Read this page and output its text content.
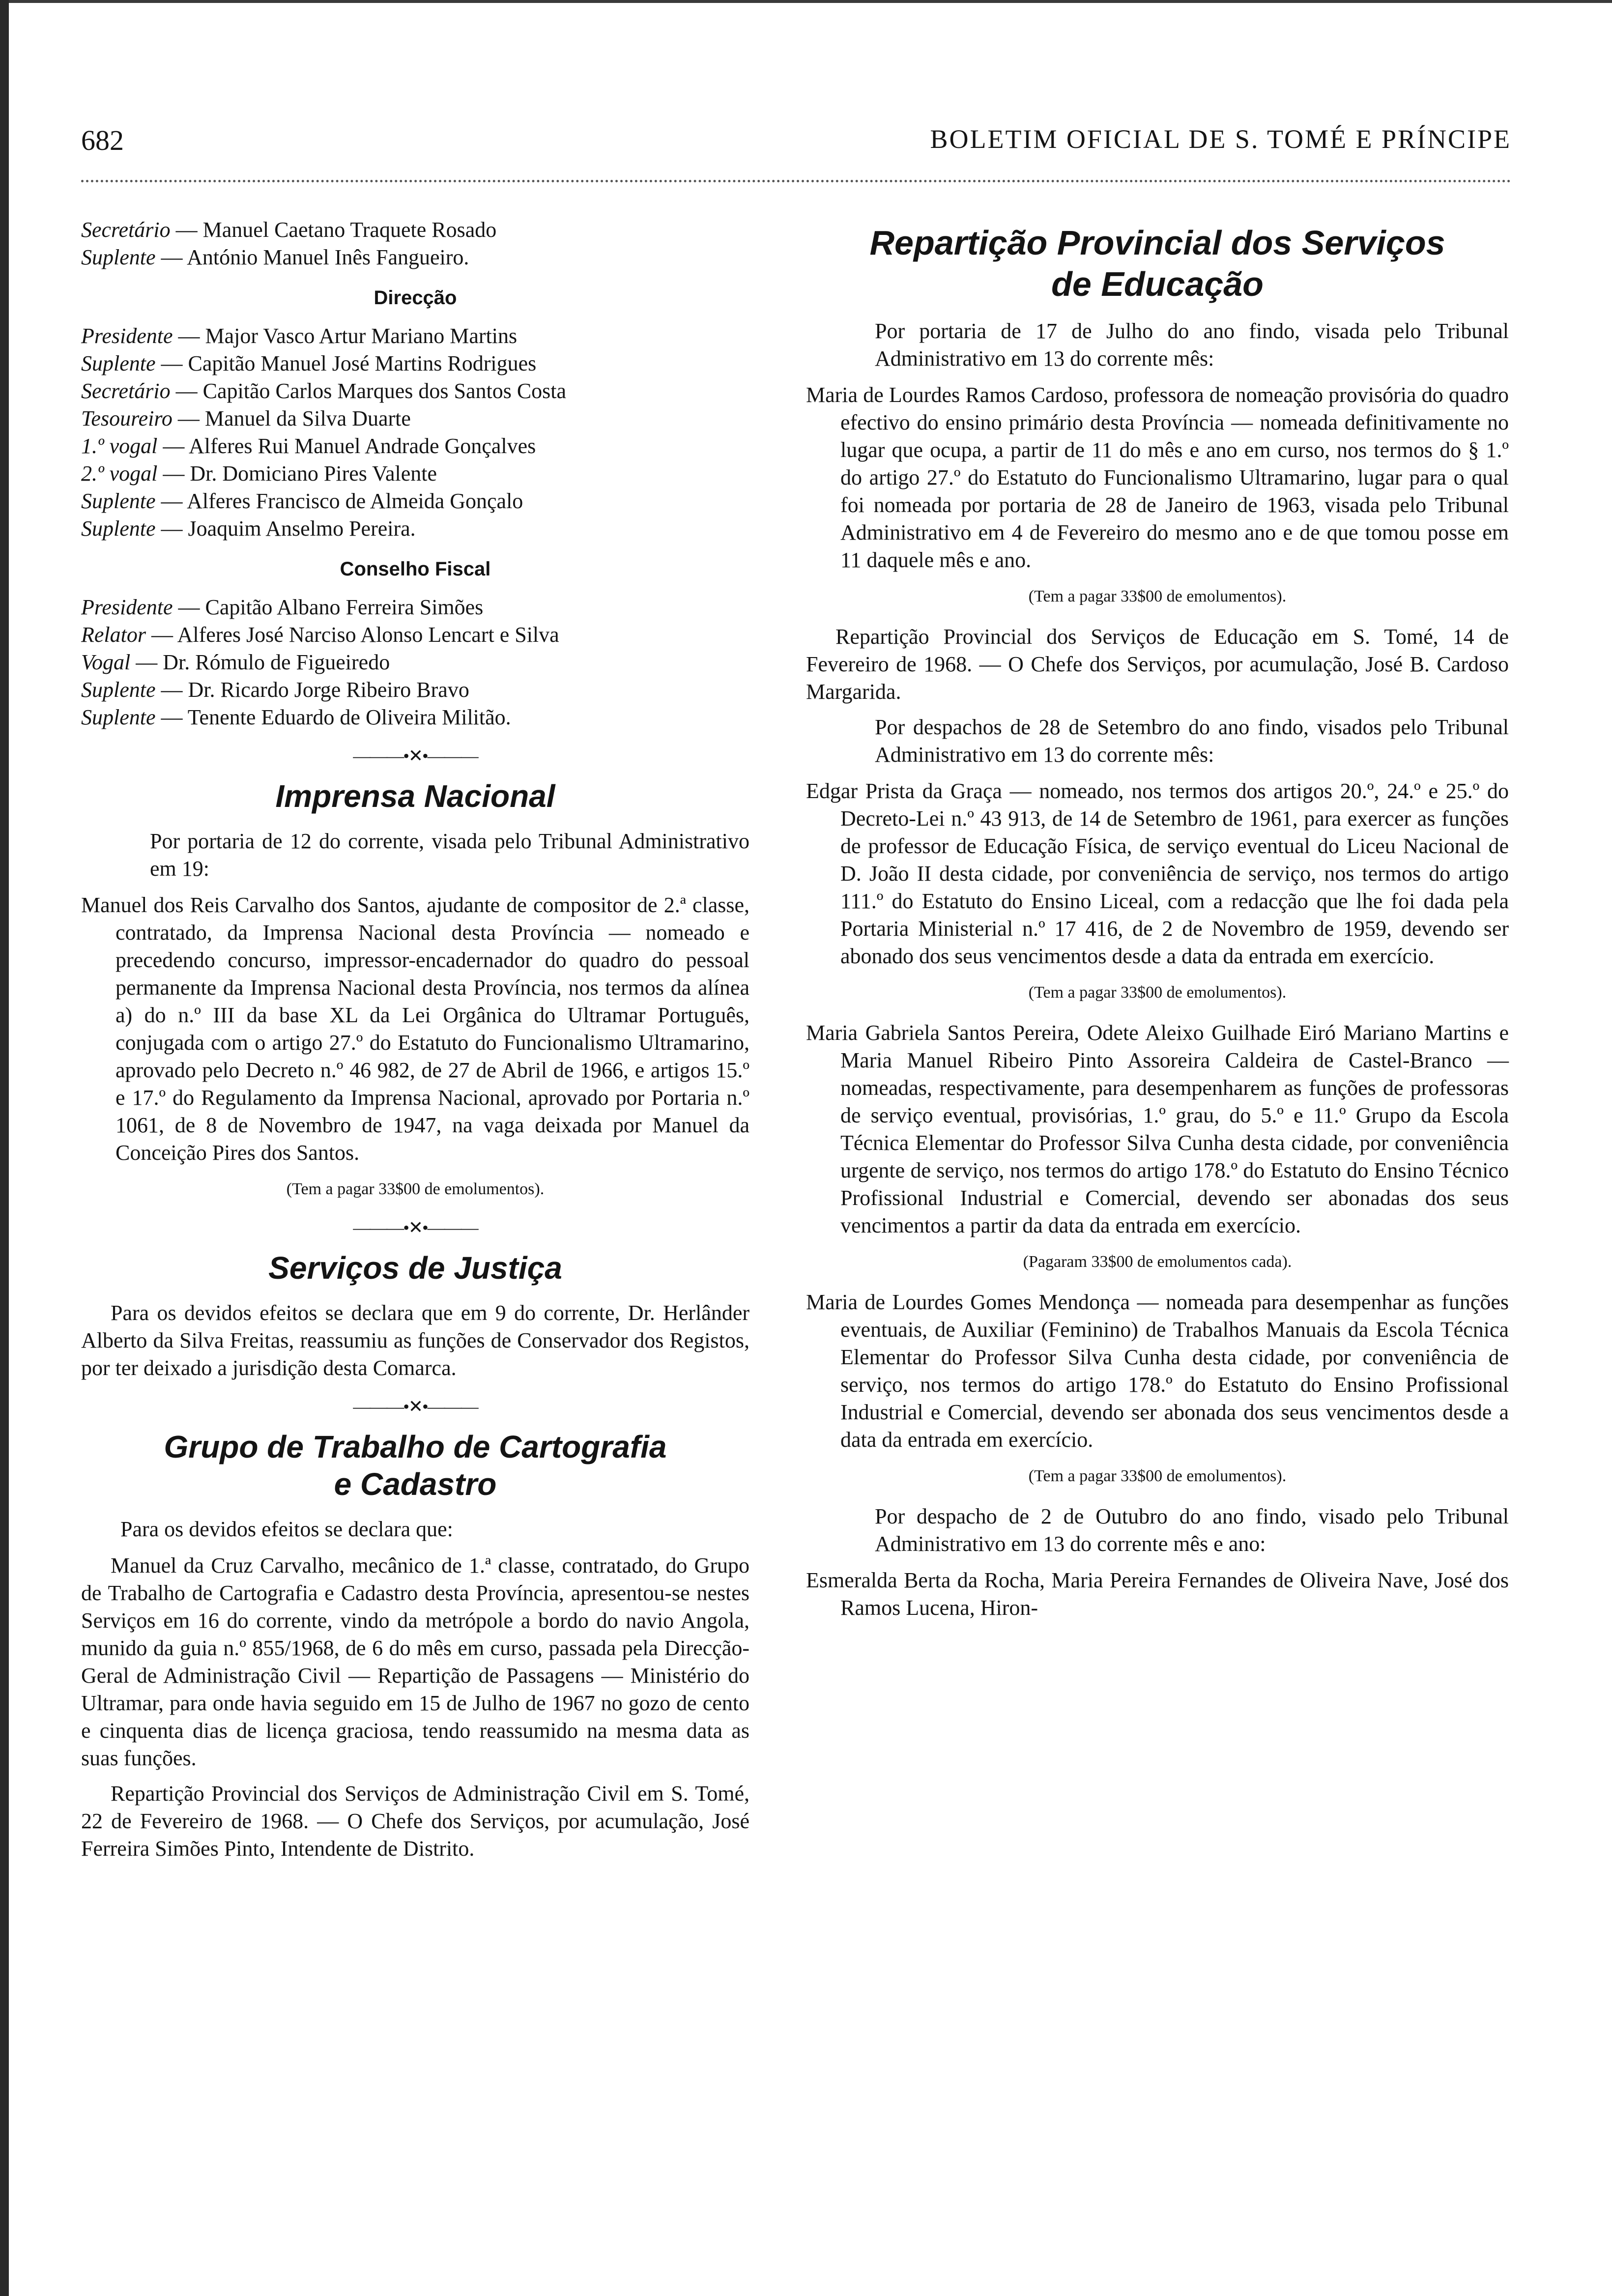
682	BOLETIM OFICIAL DE S. TOMÉ E PRÍNCIPE
Secretário — Manuel Caetano Traquete Rosado
Suplente — António Manuel Inês Fangueiro.
Direcção
Presidente — Major Vasco Artur Mariano Martins
Suplente — Capitão Manuel José Martins Rodrigues
Secretário — Capitão Carlos Marques dos Santos Costa
Tesoureiro — Manuel da Silva Duarte
1.º vogal — Alferes Rui Manuel Andrade Gonçalves
2.º vogal — Dr. Domiciano Pires Valente
Suplente — Alferes Francisco de Almeida Gonçalo
Suplente — Joaquim Anselmo Pereira.
Conselho Fiscal
Presidente — Capitão Albano Ferreira Simões
Relator — Alferes José Narciso Alonso Lencart e Silva
Vogal — Dr. Rómulo de Figueiredo
Suplente — Dr. Ricardo Jorge Ribeiro Bravo
Suplente — Tenente Eduardo de Oliveira Militão.
———•✕•———
Imprensa Nacional

Por portaria de 12 do corrente, visada pelo Tribunal Administrativo em 19:

Manuel dos Reis Carvalho dos Santos, ajudante de compositor de 2.ª classe, contratado, da Imprensa Nacional desta Província — nomeado e precedendo concurso, impressor-encadernador do quadro do pessoal permanente da Imprensa Nacional desta Província, nos termos da alínea a) do n.º III da base XL da Lei Orgânica do Ultramar Português, conjugada com o artigo 27.º do Estatuto do Funcionalismo Ultramarino, aprovado pelo Decreto n.º 46 982, de 27 de Abril de 1966, e artigos 15.º e 17.º do Regulamento da Imprensa Nacional, aprovado por Portaria n.º 1061, de 8 de Novembro de 1947, na vaga deixada por Manuel da Conceição Pires dos Santos.

(Tem a pagar 33$00 de emolumentos).
———•✕•———
Serviços de Justiça

Para os devidos efeitos se declara que em 9 do corrente, Dr. Herlânder Alberto da Silva Freitas, reassumiu as funções de Conservador dos Registos, por ter deixado a jurisdição desta Comarca.

———•✕•———
Grupo de Trabalho de Cartografia
e Cadastro

Para os devidos efeitos se declara que:

Manuel da Cruz Carvalho, mecânico de 1.ª classe, contratado, do Grupo de Trabalho de Cartografia e Cadastro desta Província, apresentou-se nestes Serviços em 16 do corrente, vindo da metrópole a bordo do navio Angola, munido da guia n.º 855/1968, de 6 do mês em curso, passada pela Direcção-Geral de Administração Civil — Repartição de Passagens — Ministério do Ultramar, para onde havia seguido em 15 de Julho de 1967 no gozo de cento e cinquenta dias de licença graciosa, tendo reassumido na mesma data as suas funções.

Repartição Provincial dos Serviços de Administração Civil em S. Tomé, 22 de Fevereiro de 1968. — O Chefe dos Serviços, por acumulação, José Ferreira Simões Pinto, Intendente de Distrito.

Repartição Provincial dos Serviços
de Educação

Por portaria de 17 de Julho do ano findo, visada pelo Tribunal Administrativo em 13 do corrente mês:

Maria de Lourdes Ramos Cardoso, professora de nomeação provisória do quadro efectivo do ensino primário desta Província — nomeada definitivamente no lugar que ocupa, a partir de 11 do mês e ano em curso, nos termos do § 1.º do artigo 27.º do Estatuto do Funcionalismo Ultramarino, lugar para o qual foi nomeada por portaria de 28 de Janeiro de 1963, visada pelo Tribunal Administrativo em 4 de Fevereiro do mesmo ano e de que tomou posse em 11 daquele mês e ano.

(Tem a pagar 33$00 de emolumentos).

Repartição Provincial dos Serviços de Educação em S. Tomé, 14 de Fevereiro de 1968. — O Chefe dos Serviços, por acumulação, José B. Cardoso Margarida.

Por despachos de 28 de Setembro do ano findo, visados pelo Tribunal Administrativo em 13 do corrente mês:

Edgar Prista da Graça — nomeado, nos termos dos artigos 20.º, 24.º e 25.º do Decreto-Lei n.º 43 913, de 14 de Setembro de 1961, para exercer as funções de professor de Educação Física, de serviço eventual do Liceu Nacional de D. João II desta cidade, por conveniência de serviço, nos termos do artigo 111.º do Estatuto do Ensino Liceal, com a redacção que lhe foi dada pela Portaria Ministerial n.º 17 416, de 2 de Novembro de 1959, devendo ser abonado dos seus vencimentos desde a data da entrada em exercício.

(Tem a pagar 33$00 de emolumentos).

Maria Gabriela Santos Pereira, Odete Aleixo Guilhade Eiró Mariano Martins e Maria Manuel Ribeiro Pinto Assoreira Caldeira de Castel-Branco — nomeadas, respectivamente, para desempenharem as funções de professoras de serviço eventual, provisórias, 1.º grau, do 5.º e 11.º Grupo da Escola Técnica Elementar do Professor Silva Cunha desta cidade, por conveniência urgente de serviço, nos termos do artigo 178.º do Estatuto do Ensino Técnico Profissional Industrial e Comercial, devendo ser abonadas dos seus vencimentos a partir da data da entrada em exercício.

(Pagaram 33$00 de emolumentos cada).

Maria de Lourdes Gomes Mendonça — nomeada para desempenhar as funções eventuais, de Auxiliar (Feminino) de Trabalhos Manuais da Escola Técnica Elementar do Professor Silva Cunha desta cidade, por conveniência de serviço, nos termos do artigo 178.º do Estatuto do Ensino Profissional Industrial e Comercial, devendo ser abonada dos seus vencimentos desde a data da entrada em exercício.

(Tem a pagar 33$00 de emolumentos).

Por despacho de 2 de Outubro do ano findo, visado pelo Tribunal Administrativo em 13 do corrente mês e ano:

Esmeralda Berta da Rocha, Maria Pereira Fernandes de Oliveira Nave, José dos Ramos Lucena, Hiron-
